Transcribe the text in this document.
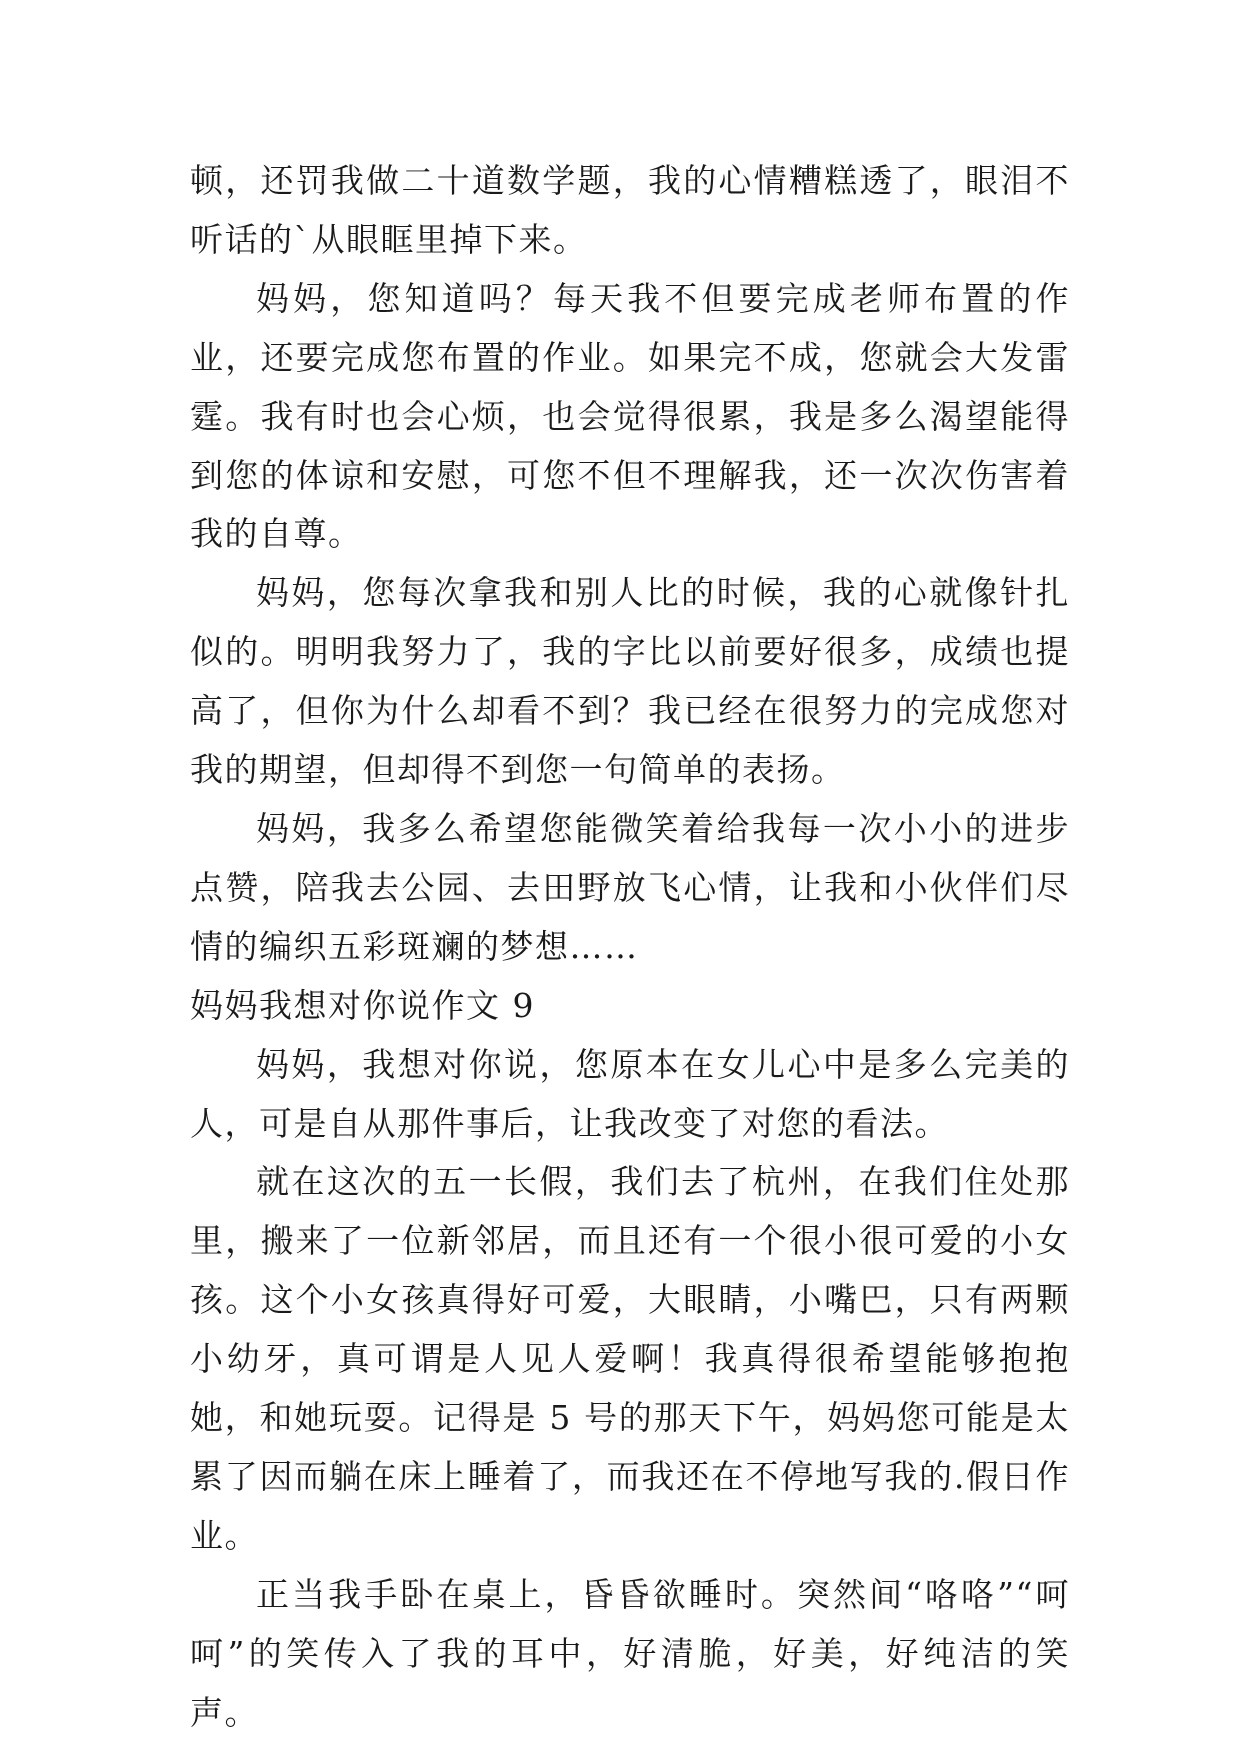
顿，还罚我做二十道数学题，我的心情糟糕透了，眼泪不听话的`从眼眶里掉下来。

妈妈，您知道吗？每天我不但要完成老师布置的作业，还要完成您布置的作业。如果完不成，您就会大发雷霆。我有时也会心烦，也会觉得很累，我是多么渴望能得到您的体谅和安慰，可您不但不理解我，还一次次伤害着我的自尊。

妈妈，您每次拿我和别人比的时候，我的心就像针扎似的。明明我努力了，我的字比以前要好很多，成绩也提高了，但你为什么却看不到？我已经在很努力的完成您对我的期望，但却得不到您一句简单的表扬。

妈妈，我多么希望您能微笑着给我每一次小小的进步点赞，陪我去公园、去田野放飞心情，让我和小伙伴们尽情的编织五彩斑斓的梦想……

妈妈我想对你说作文 9

妈妈，我想对你说，您原本在女儿心中是多么完美的人，可是自从那件事后，让我改变了对您的看法。

就在这次的五一长假，我们去了杭州，在我们住处那里，搬来了一位新邻居，而且还有一个很小很可爱的小女孩。这个小女孩真得好可爱，大眼睛，小嘴巴，只有两颗小幼牙，真可谓是人见人爱啊！我真得很希望能够抱抱她，和她玩耍。记得是 5 号的那天下午，妈妈您可能是太累了因而躺在床上睡着了，而我还在不停地写我的.假日作业。

正当我手卧在桌上，昏昏欲睡时。突然间“咯咯”“呵呵”的笑传入了我的耳中，好清脆，好美，好纯洁的笑声。
